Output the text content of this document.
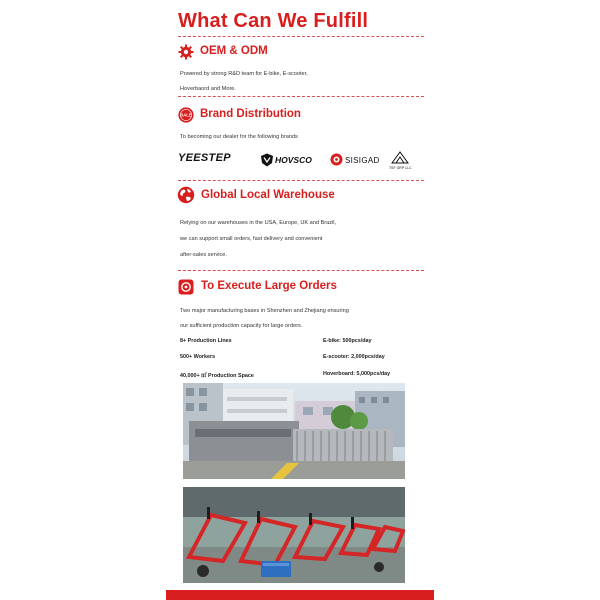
What Can We Fulfill
OEM & ODM
Powered by strong R&D team for E-bike, E-scooter,
Hoverbaord and More.
SALE Brand Distribution
To becoming our dealer for the following brands
YEESTEP	HOVSCO	SISIGAD
TSF GRP LLC
Global Local Warehouse
Relying on our warehouses in the USA, Europe, UK and Brazil,
we can support small orders, fast delivery and convenient
after-sales service.
To Execute Large Orders
Two major manufacturing bases in Shenzhen and Zhejiang ensuring
our sufficient production capacity for large orders.
8+ Production Lines
500+ Workers
40,000+ ㎡ Production Space
E-bike: 500pcs/day
E-scooter: 2,000pcs/day
Hoverboard: 5,000pcs/day
